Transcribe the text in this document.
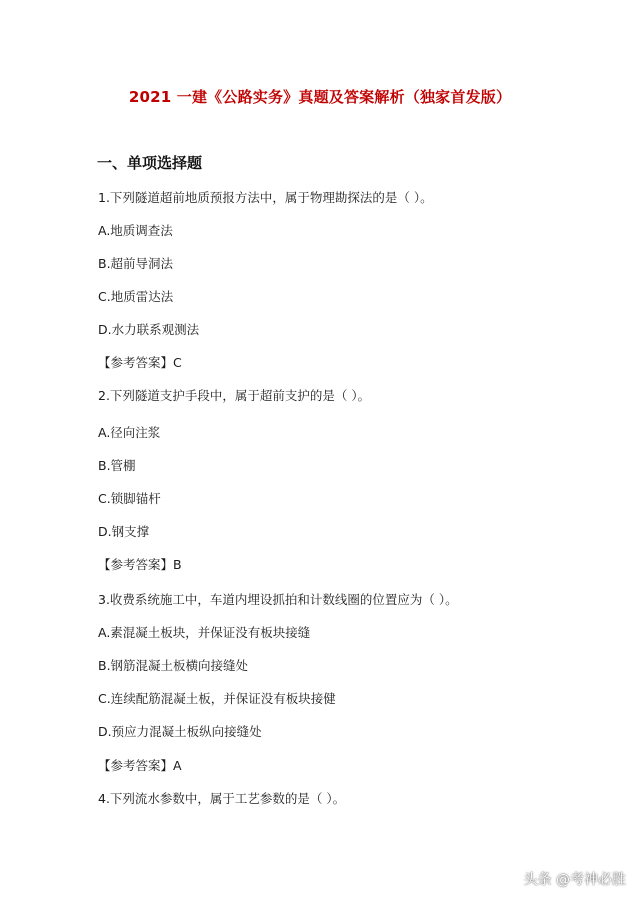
2021 一建《公路实务》真题及答案解析（独家首发版）
一、单项选择题
1.下列隧道超前地质预报方法中，属于物理勘探法的是（ ）。
A.地质调查法
B.超前导洞法
C.地质雷达法
D.水力联系观测法
【参考答案】C
2.下列隧道支护手段中，属于超前支护的是（ ）。
A.径向注浆
B.管棚
C.锁脚锚杆
D.钢支撑
【参考答案】B
3.收费系统施工中，车道内埋设抓拍和计数线圈的位置应为（ ）。
A.素混凝土板块，并保证没有板块接缝
B.钢筋混凝土板横向接缝处
C.连续配筋混凝土板，并保证没有板块接健
D.预应力混凝土板纵向接缝处
【参考答案】A
4.下列流水参数中，属于工艺参数的是（ ）。
头条 @考神必胜
